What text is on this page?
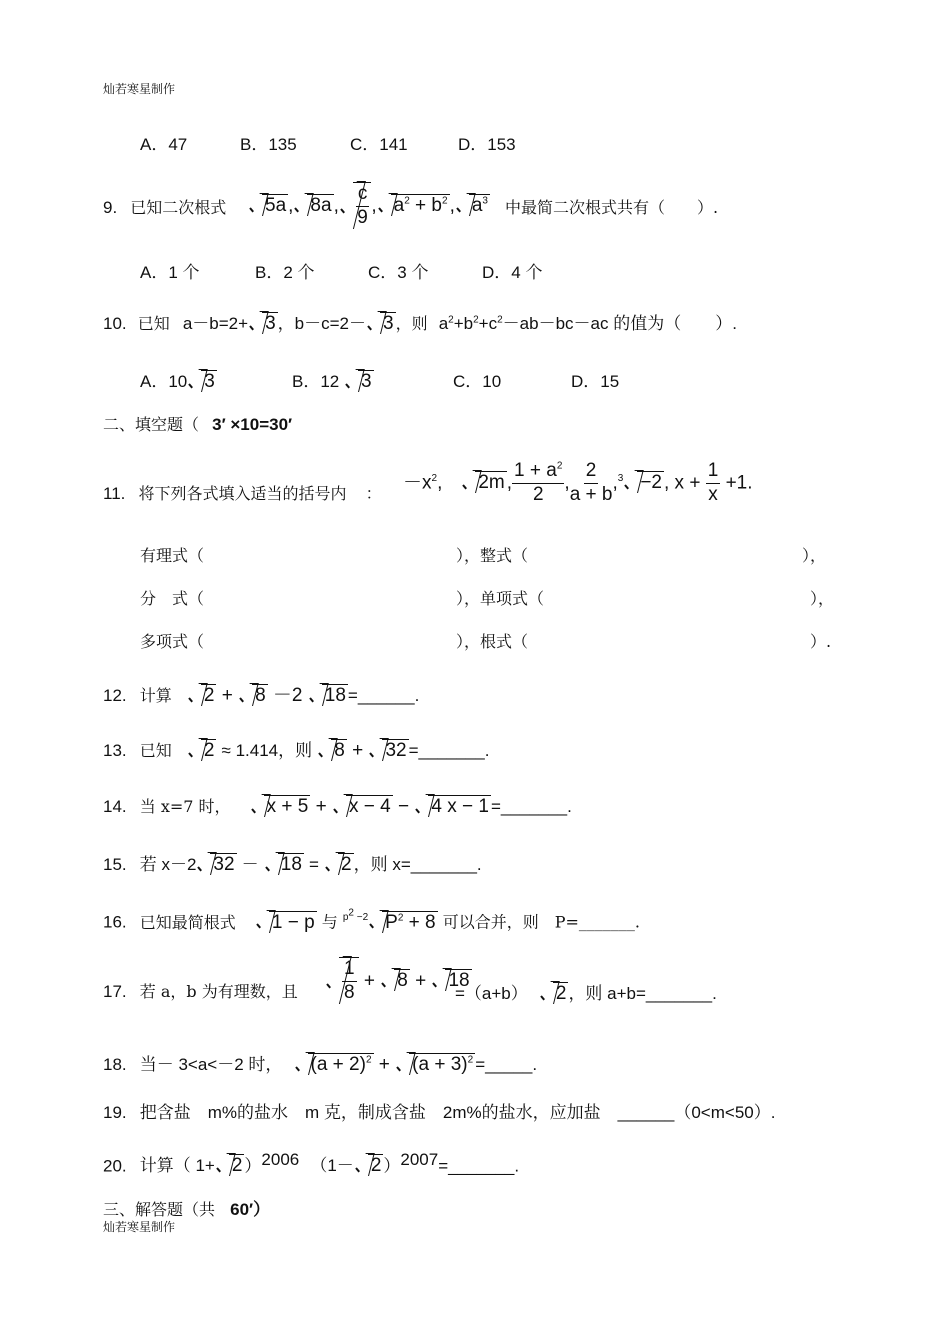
灿若寒星制作
A．47	B．135	C．141	D．153
9. 已知二次根式	5a , 8a , $\frac{c}{9}$ , $a^2 + b^2$ , $a^3$ 中最简二次根式共有（　　）.
A．1 个	B．2 个	C．3 个	D．4 个
10. 已知 a－b=2+ 3 ，b－c=2－ 3 ，则 $a^2+b^2+c^2-ab-bc-ac$ 的值为（　　）.
A．10 3	B．12 3	C．10	D．15
二、填空题（ 3′ ×10=30′
11. 将下列各式填入适当的括号内 ：
$-x^2$,　2m , $\frac{1 + a^2}{2}$ , $\frac{2}{a + b} ,^3 -2$ , $x + \frac{1}{x} +1$.
有理式（	），整式（	），
分　式（	），单项式（	），
多项式（	），根式（	）.
12. 计算 2 + 8 －2 18 =______.
13. 已知 2 ≈ 1.414，则 8 + 32 =_______.
14. 当 x=7 时， x + 5 + x − 4 − 4 x − 1 =_______.
15. 若 x－2 32 － 18 = 2 ，则 x=_______.
16. 已知最简根式 1 − p 与 $^{p^2 -2}$ $P^2 + 8$ 可以合并，则　P=_______.
17. 若 a，b 为有理数，且 $\frac{1}{8} + 8 + 18$
=（a+b） 2 ，则 a+b=_______.
18. 当－ 3<a<－2 时， $(a + 2)^2 + (a + 3)^2$ =_____.
19. 把含盐　m%的盐水　m 克，制成含盐　2m%的盐水，应加盐　______（0<m<50）.
20. 计算（ 1+ 2 ）$^{2006}$ （1－ 2 ）$^{2007}$=_______.
三、解答题（共 60′）
灿若寒星制作
